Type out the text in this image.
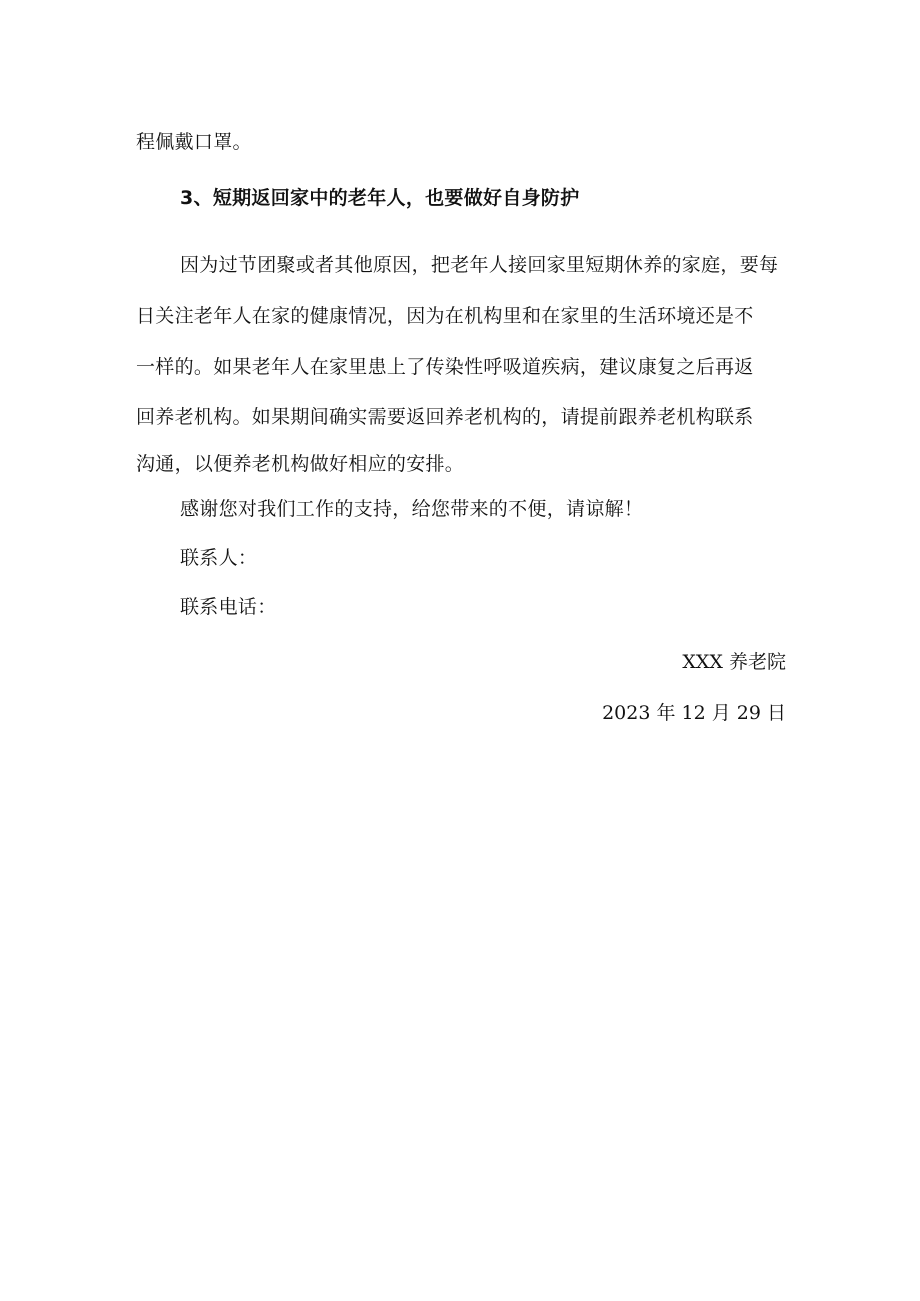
程佩戴口罩。
3、短期返回家中的老年人，也要做好自身防护
因为过节团聚或者其他原因，把老年人接回家里短期休养的家庭，要每
日关注老年人在家的健康情况，因为在机构里和在家里的生活环境还是不
一样的。如果老年人在家里患上了传染性呼吸道疾病，建议康复之后再返
回养老机构。如果期间确实需要返回养老机构的，请提前跟养老机构联系
沟通，以便养老机构做好相应的安排。
感谢您对我们工作的支持，给您带来的不便，请谅解！
联系人：
联系电话：
XXX 养老院
2023 年 12 月 29 日
